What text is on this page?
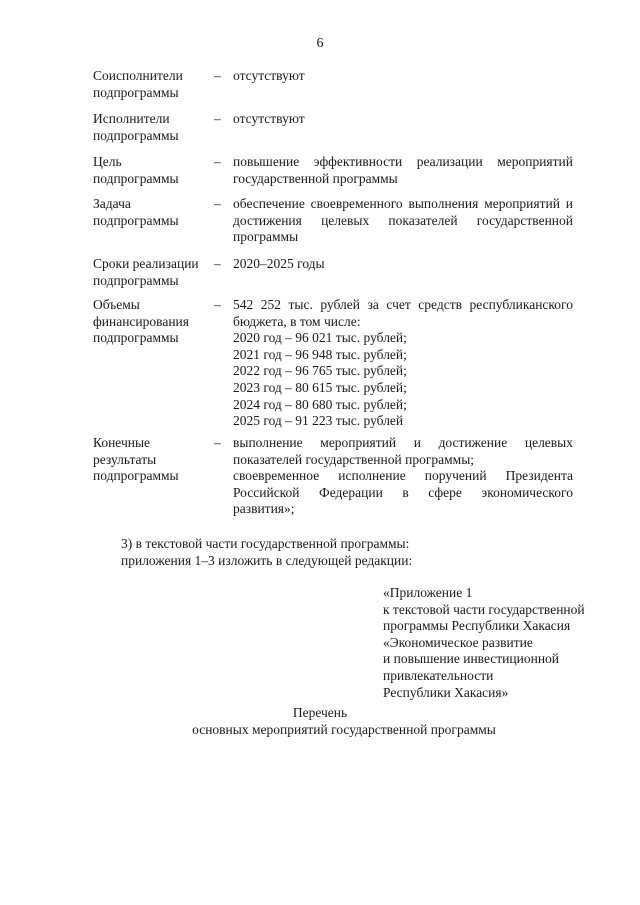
6
Соисполнители
подпрограммы
– отсутствуют
Исполнители
подпрограммы
– отсутствуют
Цель
подпрограммы
– повышение эффективности реализации мероприятий государственной программы
Задача
подпрограммы
– обеспечение своевременного выполнения мероприятий и достижения целевых показателей государственной программы
Сроки реализации
подпрограммы
– 2020–2025 годы
Объемы
финансирования
подпрограммы
– 542 252 тыс. рублей за счет средств республиканского бюджета, в том числе:
2020 год – 96 021 тыс. рублей;
2021 год – 96 948 тыс. рублей;
2022 год – 96 765 тыс. рублей;
2023 год – 80 615 тыс. рублей;
2024 год – 80 680 тыс. рублей;
2025 год – 91 223 тыс. рублей
Конечные
результаты
подпрограммы
– выполнение мероприятий и достижение целевых показателей государственной программы;
своевременное исполнение поручений Президента Российской Федерации в сфере экономического развития»;
3) в текстовой части государственной программы:
приложения 1–3 изложить в следующей редакции:
«Приложение 1
к текстовой части государственной
программы Республики Хакасия
«Экономическое развитие
и повышение инвестиционной
привлекательности
Республики Хакасия»
Перечень
основных мероприятий государственной программы
